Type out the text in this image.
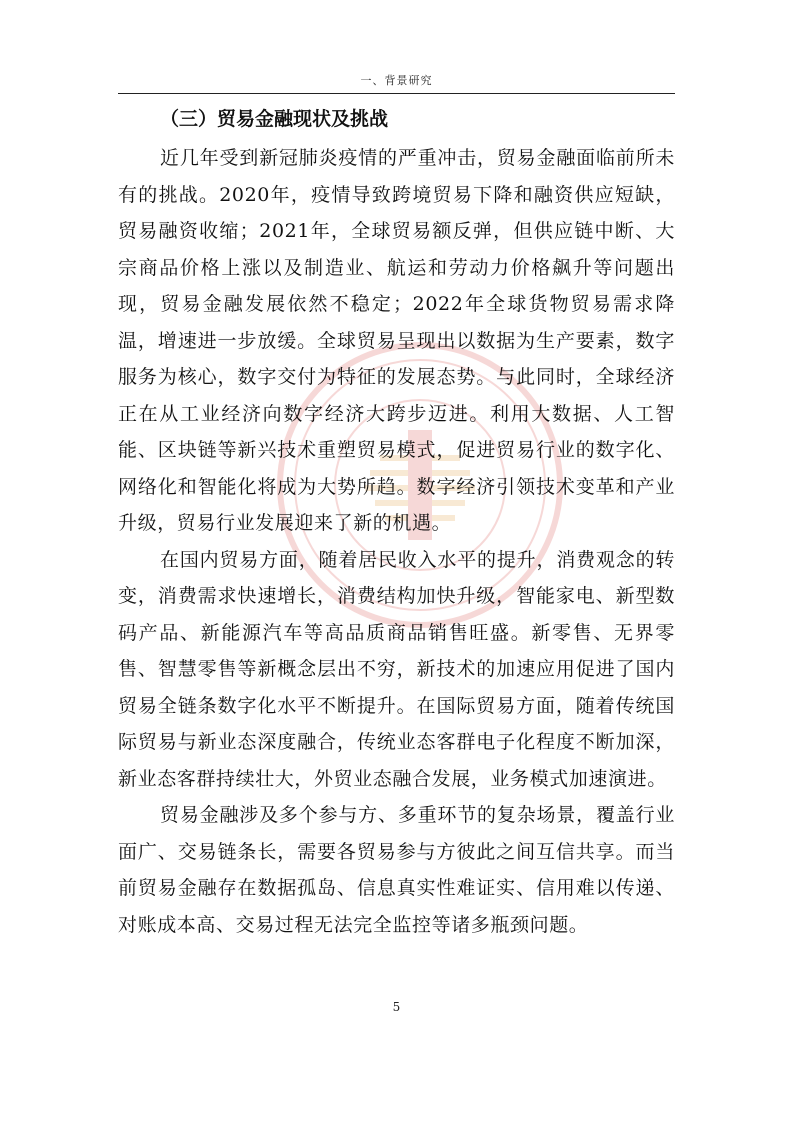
一、背景研究
（三）贸易金融现状及挑战

近几年受到新冠肺炎疫情的严重冲击，贸易金融面临前所未有的挑战。2020年，疫情导致跨境贸易下降和融资供应短缺，贸易融资收缩；2021年，全球贸易额反弹，但供应链中断、大宗商品价格上涨以及制造业、航运和劳动力价格飙升等问题出现，贸易金融发展依然不稳定；2022年全球货物贸易需求降温，增速进一步放缓。全球贸易呈现出以数据为生产要素，数字服务为核心，数字交付为特征的发展态势。与此同时，全球经济正在从工业经济向数字经济大跨步迈进。利用大数据、人工智能、区块链等新兴技术重塑贸易模式，促进贸易行业的数字化、网络化和智能化将成为大势所趋。数字经济引领技术变革和产业升级，贸易行业发展迎来了新的机遇。

在国内贸易方面，随着居民收入水平的提升，消费观念的转变，消费需求快速增长，消费结构加快升级，智能家电、新型数码产品、新能源汽车等高品质商品销售旺盛。新零售、无界零售、智慧零售等新概念层出不穷，新技术的加速应用促进了国内贸易全链条数字化水平不断提升。在国际贸易方面，随着传统国际贸易与新业态深度融合，传统业态客群电子化程度不断加深，新业态客群持续壮大，外贸业态融合发展，业务模式加速演进。

贸易金融涉及多个参与方、多重环节的复杂场景，覆盖行业面广、交易链条长，需要各贸易参与方彼此之间互信共享。而当前贸易金融存在数据孤岛、信息真实性难证实、信用难以传递、对账成本高、交易过程无法完全监控等诸多瓶颈问题。

5
